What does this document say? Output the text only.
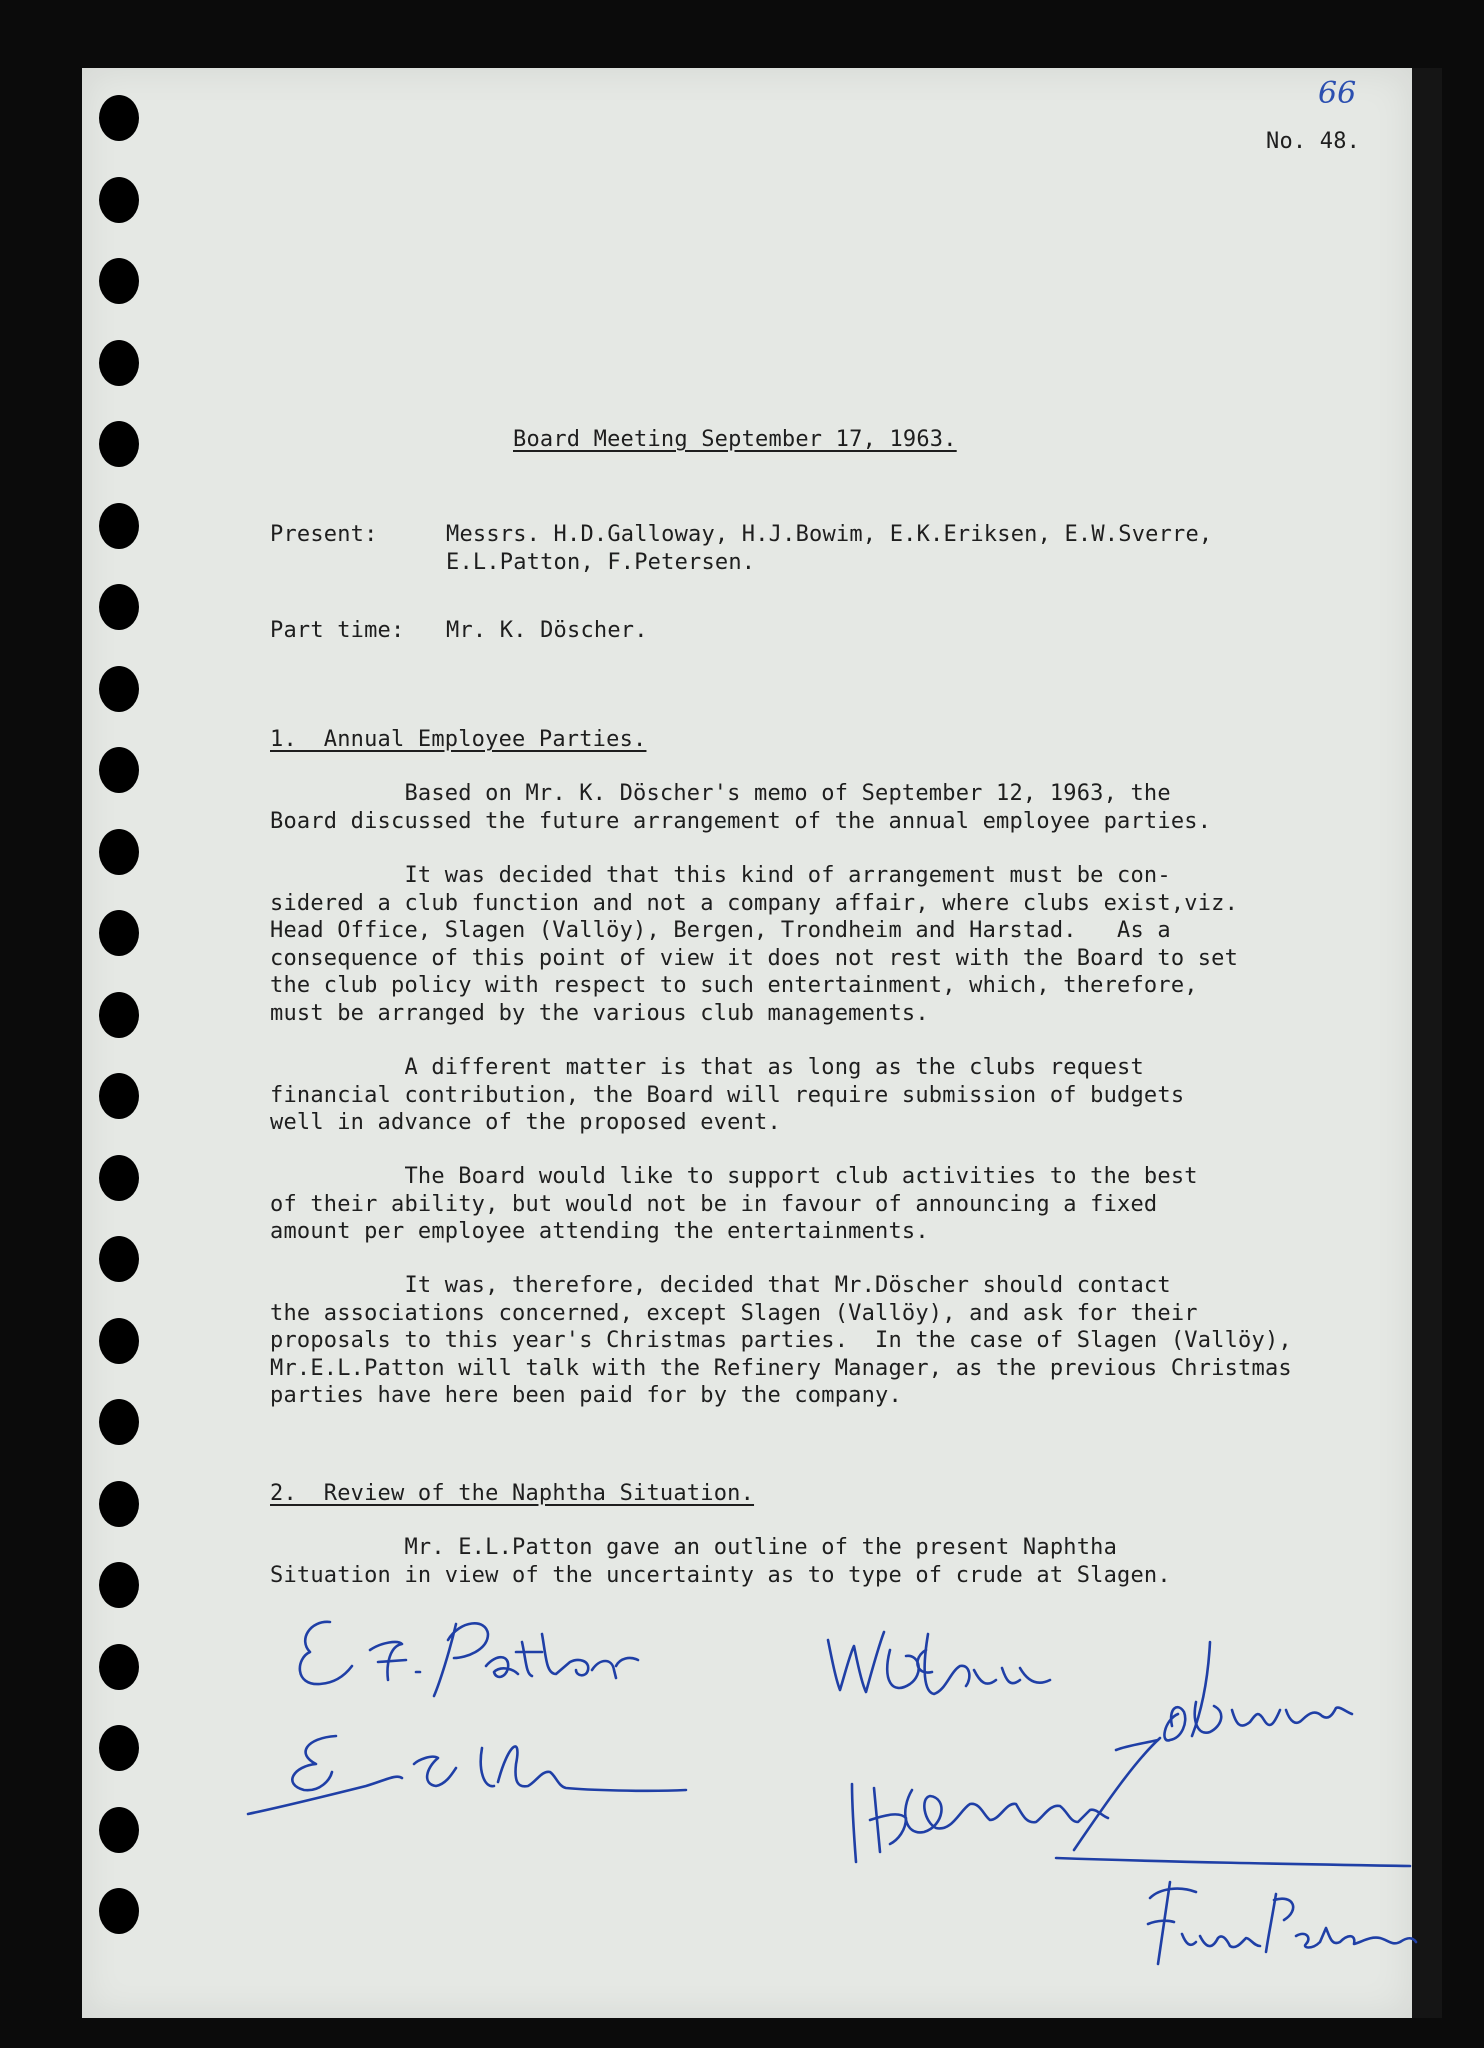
66
No. 48.
Board Meeting September 17, 1963.
Present:	Messrs. H.D.Galloway, H.J.Bowim, E.K.Eriksen, E.W.Sverre,
E.L.Patton, F.Petersen.
Part time: Mr. K. Döscher.
1.  Annual Employee Parties.
Based on Mr. K. Döscher's memo of September 12, 1963, the
Board discussed the future arrangement of the annual employee parties.
It was decided that this kind of arrangement must be con-
sidered a club function and not a company affair, where clubs exist,viz.
Head Office, Slagen (Vallöy), Bergen, Trondheim and Harstad.   As a
consequence of this point of view it does not rest with the Board to set
the club policy with respect to such entertainment, which, therefore,
must be arranged by the various club managements.
A different matter is that as long as the clubs request
financial contribution, the Board will require submission of budgets
well in advance of the proposed event.
The Board would like to support club activities to the best
of their ability, but would not be in favour of announcing a fixed
amount per employee attending the entertainments.
It was, therefore, decided that Mr.Döscher should contact
the associations concerned, except Slagen (Vallöy), and ask for their
proposals to this year's Christmas parties.  In the case of Slagen (Vallöy),
Mr.E.L.Patton will talk with the Refinery Manager, as the previous Christmas
parties have here been paid for by the company.
2.  Review of the Naphtha Situation.
Mr. E.L.Patton gave an outline of the present Naphtha
Situation in view of the uncertainty as to type of crude at Slagen.
